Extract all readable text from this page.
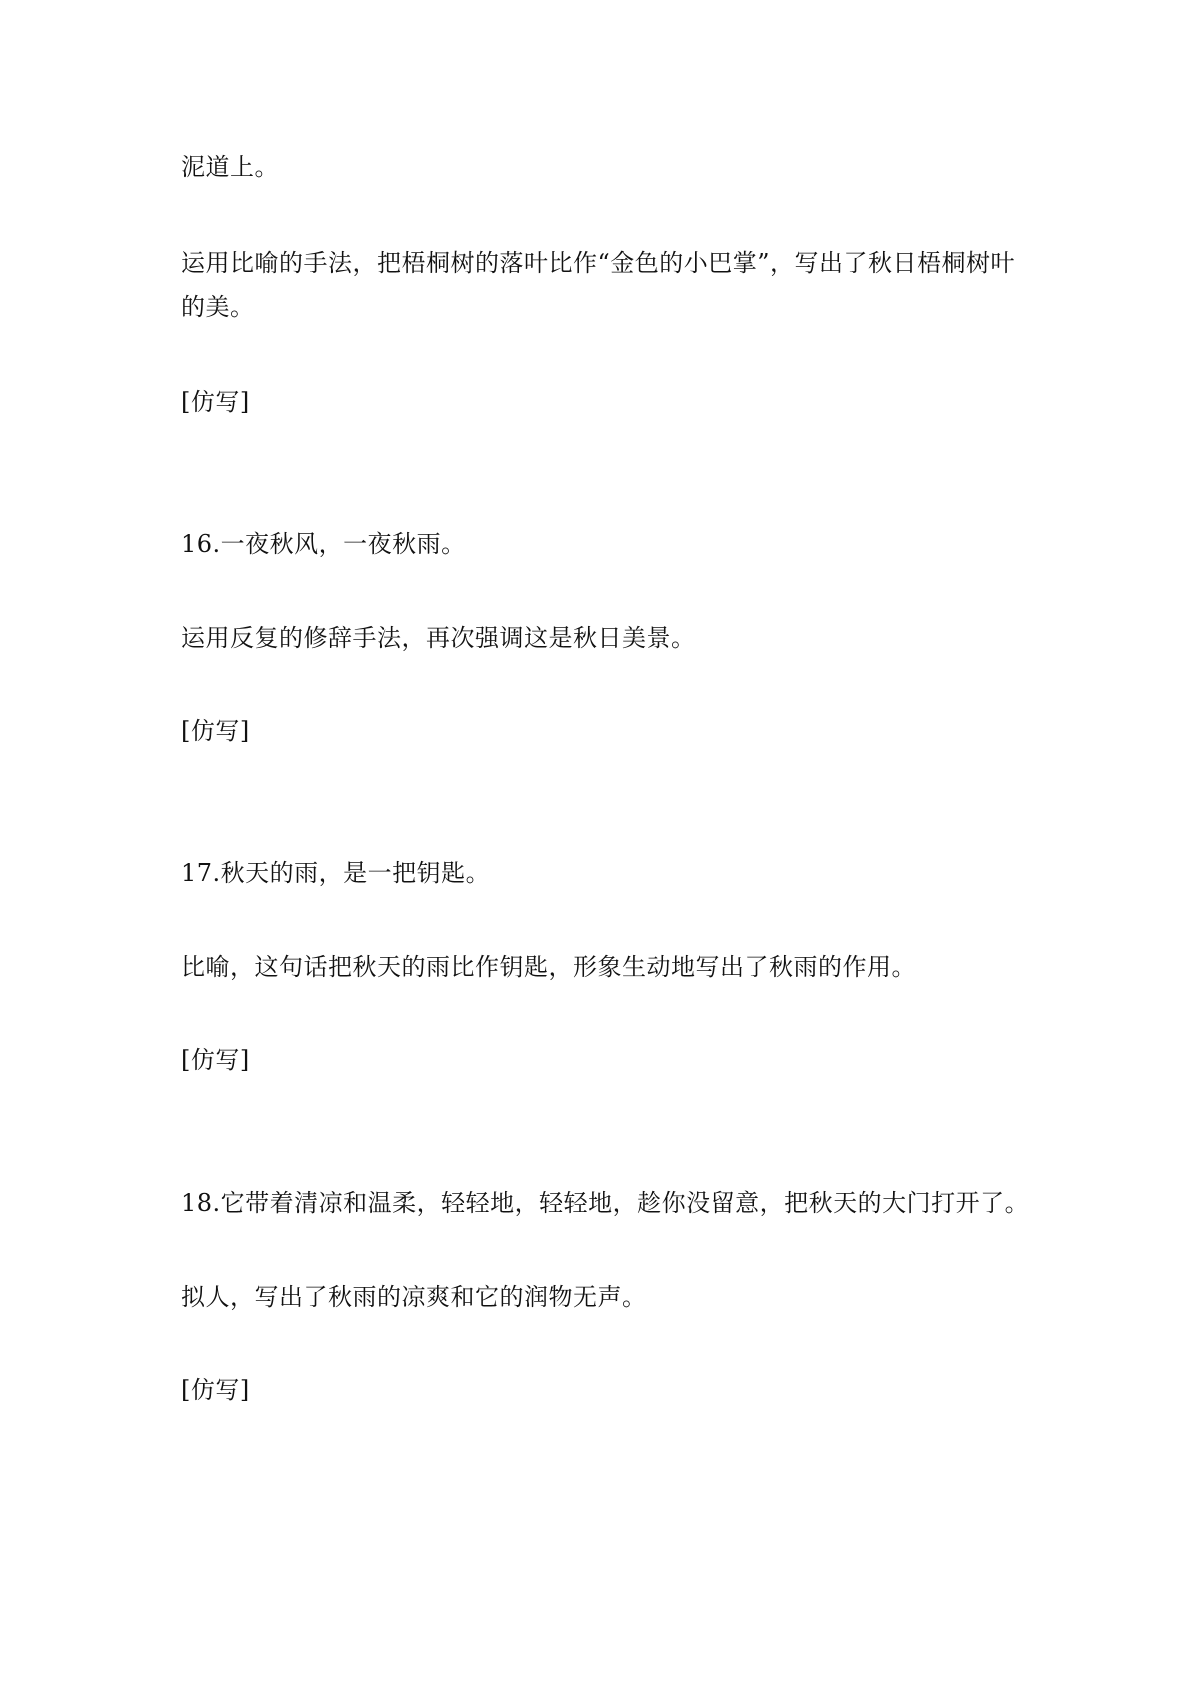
泥道上。
运用比喻的手法，把梧桐树的落叶比作“金色的小巴掌”，写出了秋日梧桐树叶
的美。
[仿写]
16.一夜秋风，一夜秋雨。
运用反复的修辞手法，再次强调这是秋日美景。
[仿写]
17.秋天的雨，是一把钥匙。
比喻，这句话把秋天的雨比作钥匙，形象生动地写出了秋雨的作用。
[仿写]
18.它带着清凉和温柔，轻轻地，轻轻地，趁你没留意，把秋天的大门打开了。
拟人，写出了秋雨的凉爽和它的润物无声。
[仿写]
